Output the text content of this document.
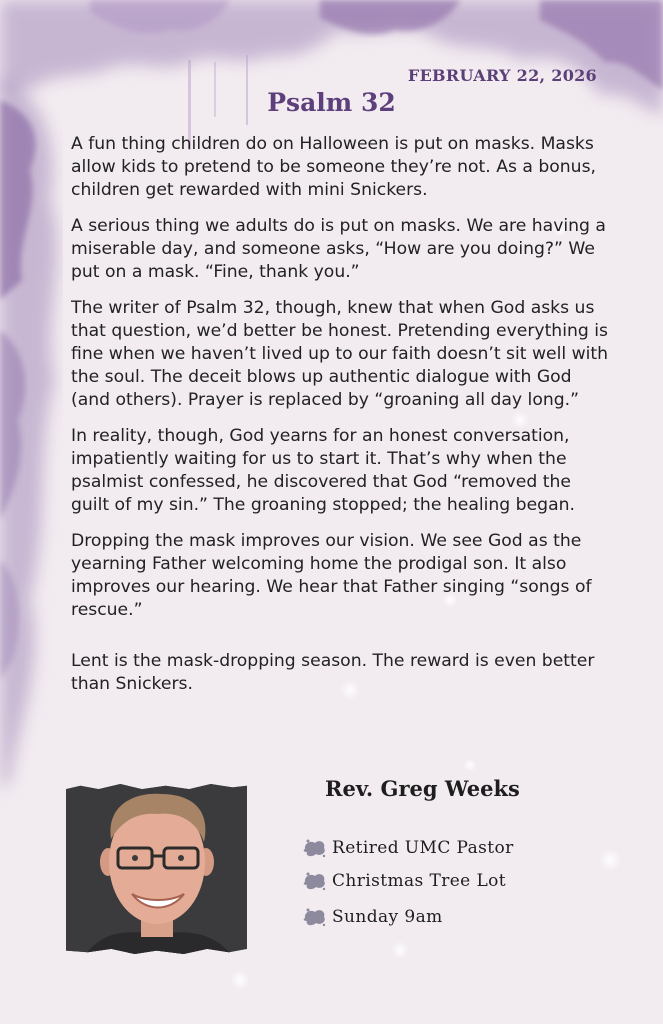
FEBRUARY 22, 2026
Psalm 32

A fun thing children do on Halloween is put on masks. Masks allow kids to pretend to be someone they’re not. As a bonus, children get rewarded with mini Snickers.

A serious thing we adults do is put on masks. We are having a miserable day, and someone asks, “How are you doing?” We put on a mask. “Fine, thank you.”

The writer of Psalm 32, though, knew that when God asks us that question, we’d better be honest. Pretending everything is fine when we haven’t lived up to our faith doesn’t sit well with the soul. The deceit blows up authentic dialogue with God (and others). Prayer is replaced by “groaning all day long.”

In reality, though, God yearns for an honest conversation, impatiently waiting for us to start it. That’s why when the psalmist confessed, he discovered that God “removed the guilt of my sin.” The groaning stopped; the healing began.

Dropping the mask improves our vision. We see God as the yearning Father welcoming home the prodigal son. It also improves our hearing. We hear that Father singing “songs of rescue.”

Lent is the mask-dropping season. The reward is even better than Snickers.

Rev. Greg Weeks
Retired UMC Pastor
Christmas Tree Lot
Sunday 9am
